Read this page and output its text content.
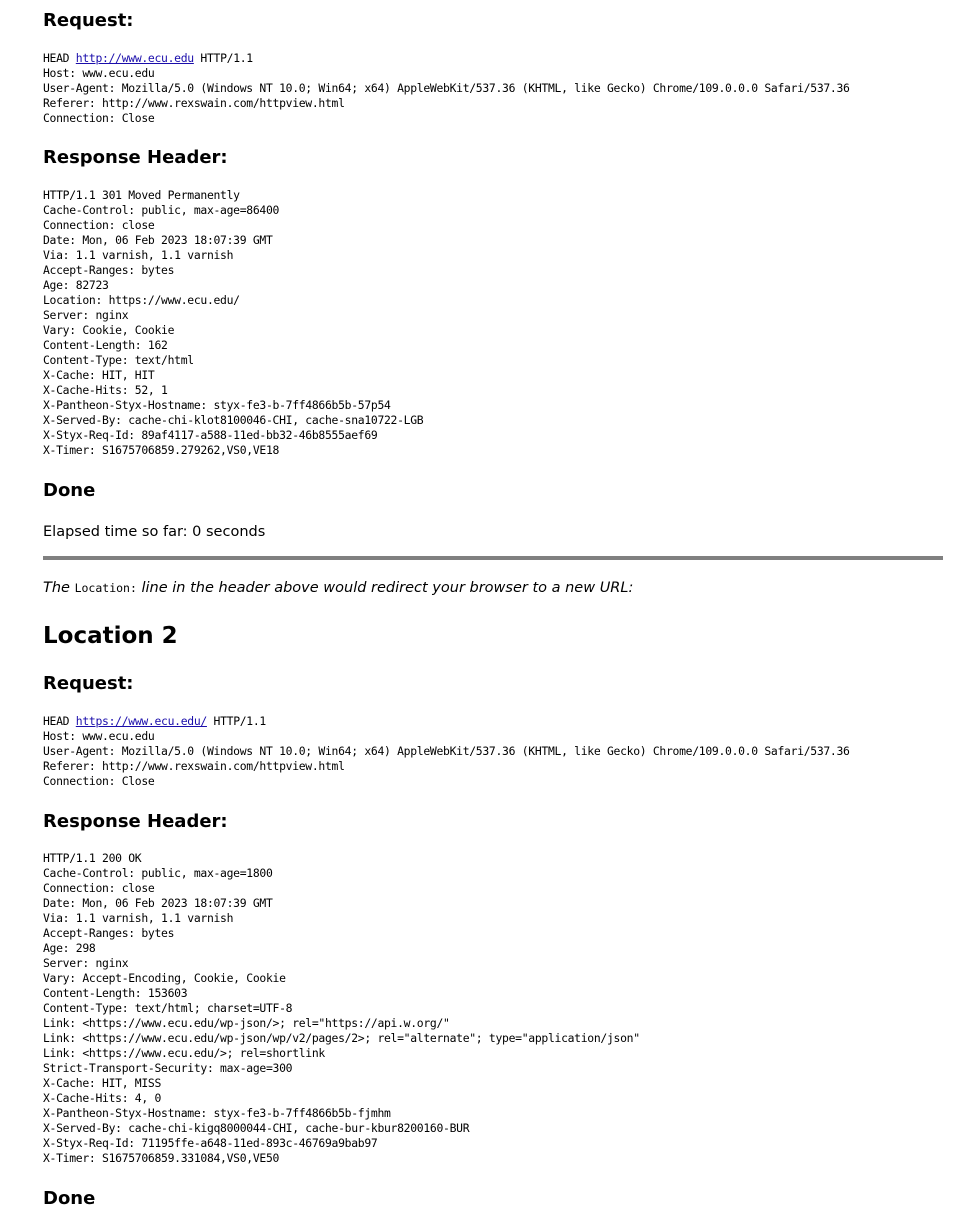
Request:
HEAD http://www.ecu.edu HTTP/1.1
Host: www.ecu.edu
User-Agent: Mozilla/5.0 (Windows NT 10.0; Win64; x64) AppleWebKit/537.36 (KHTML, like Gecko) Chrome/109.0.0.0 Safari/537.36
Referer: http://www.rexswain.com/httpview.html
Connection: Close
Response Header:
HTTP/1.1 301 Moved Permanently
Cache-Control: public, max-age=86400
Connection: close
Date: Mon, 06 Feb 2023 18:07:39 GMT
Via: 1.1 varnish, 1.1 varnish
Accept-Ranges: bytes
Age: 82723
Location: https://www.ecu.edu/
Server: nginx
Vary: Cookie, Cookie
Content-Length: 162
Content-Type: text/html
X-Cache: HIT, HIT
X-Cache-Hits: 52, 1
X-Pantheon-Styx-Hostname: styx-fe3-b-7ff4866b5b-57p54
X-Served-By: cache-chi-klot8100046-CHI, cache-sna10722-LGB
X-Styx-Req-Id: 89af4117-a588-11ed-bb32-46b8555aef69
X-Timer: S1675706859.279262,VS0,VE18
Done
Elapsed time so far: 0 seconds
The Location: line in the header above would redirect your browser to a new URL:
Location 2
Request:
HEAD https://www.ecu.edu/ HTTP/1.1
Host: www.ecu.edu
User-Agent: Mozilla/5.0 (Windows NT 10.0; Win64; x64) AppleWebKit/537.36 (KHTML, like Gecko) Chrome/109.0.0.0 Safari/537.36
Referer: http://www.rexswain.com/httpview.html
Connection: Close
Response Header:
HTTP/1.1 200 OK
Cache-Control: public, max-age=1800
Connection: close
Date: Mon, 06 Feb 2023 18:07:39 GMT
Via: 1.1 varnish, 1.1 varnish
Accept-Ranges: bytes
Age: 298
Server: nginx
Vary: Accept-Encoding, Cookie, Cookie
Content-Length: 153603
Content-Type: text/html; charset=UTF-8
Link: <https://www.ecu.edu/wp-json/>; rel="https://api.w.org/"
Link: <https://www.ecu.edu/wp-json/wp/v2/pages/2>; rel="alternate"; type="application/json"
Link: <https://www.ecu.edu/>; rel=shortlink
Strict-Transport-Security: max-age=300
X-Cache: HIT, MISS
X-Cache-Hits: 4, 0
X-Pantheon-Styx-Hostname: styx-fe3-b-7ff4866b5b-fjmhm
X-Served-By: cache-chi-kigq8000044-CHI, cache-bur-kbur8200160-BUR
X-Styx-Req-Id: 71195ffe-a648-11ed-893c-46769a9bab97
X-Timer: S1675706859.331084,VS0,VE50
Done
